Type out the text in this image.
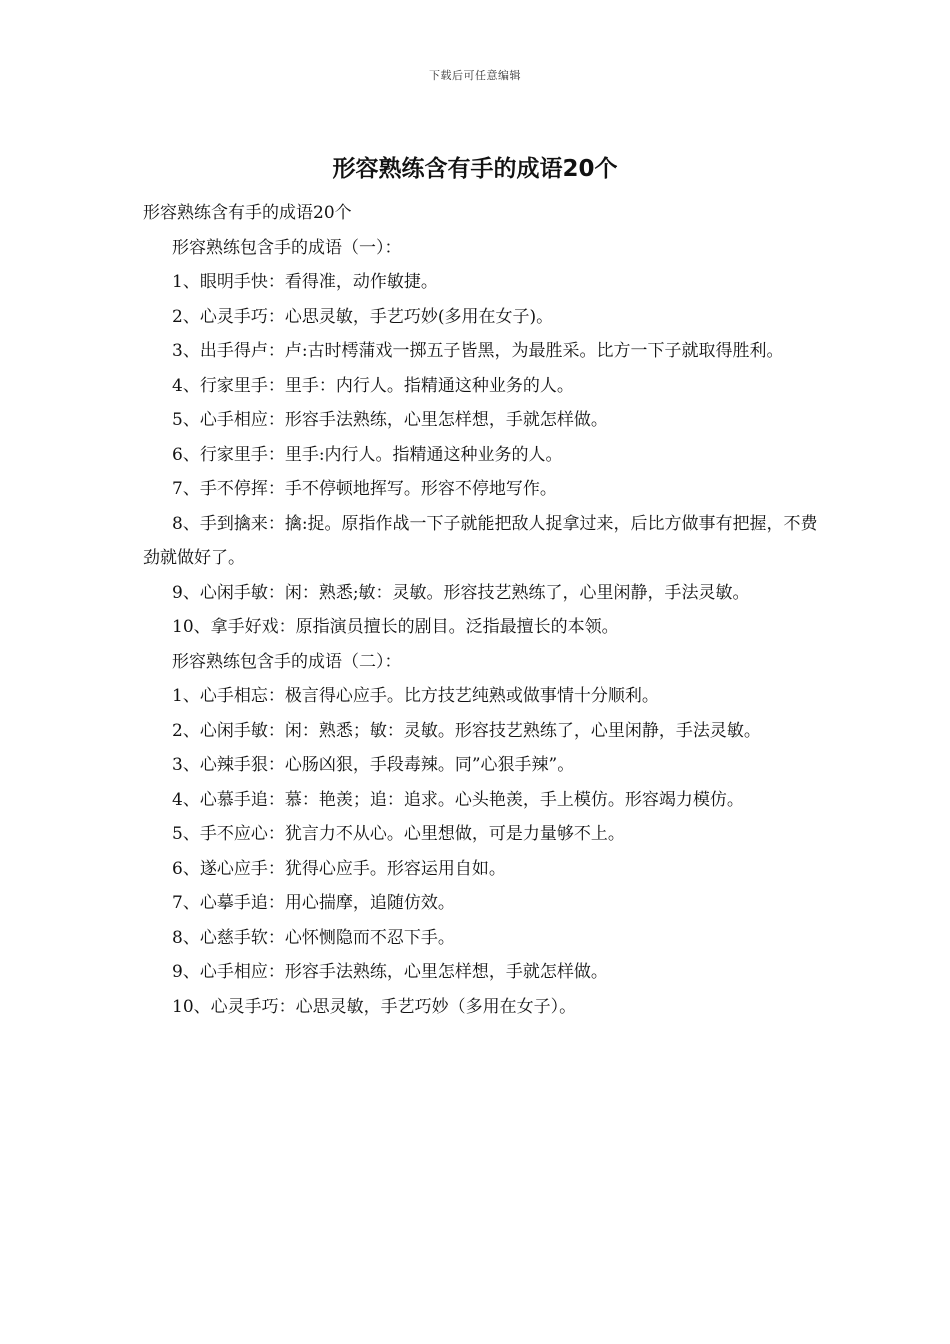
下载后可任意编辑
形容熟练含有手的成语20个

形容熟练含有手的成语20个

形容熟练包含手的成语（一）：

1、眼明手快：看得准，动作敏捷。

2、心灵手巧：心思灵敏，手艺巧妙(多用在女子)。

3、出手得卢：卢:古时樗蒲戏一掷五子皆黑，为最胜采。比方一下子就取得胜利。

4、行家里手：里手：内行人。指精通这种业务的人。

5、心手相应：形容手法熟练，心里怎样想，手就怎样做。

6、行家里手：里手:内行人。指精通这种业务的人。

7、手不停挥：手不停顿地挥写。形容不停地写作。

8、手到擒来：擒:捉。原指作战一下子就能把敌人捉拿过来，后比方做事有把握，不费劲就做好了。

9、心闲手敏：闲：熟悉;敏：灵敏。形容技艺熟练了，心里闲静，手法灵敏。

10、拿手好戏：原指演员擅长的剧目。泛指最擅长的本领。

形容熟练包含手的成语（二）：

1、心手相忘：极言得心应手。比方技艺纯熟或做事情十分顺利。

2、心闲手敏：闲：熟悉；敏：灵敏。形容技艺熟练了，心里闲静，手法灵敏。

3、心辣手狠：心肠凶狠，手段毒辣。同”心狠手辣”。

4、心慕手追：慕：艳羡；追：追求。心头艳羡，手上模仿。形容竭力模仿。

5、手不应心：犹言力不从心。心里想做，可是力量够不上。

6、遂心应手：犹得心应手。形容运用自如。

7、心摹手追：用心揣摩，追随仿效。

8、心慈手软：心怀恻隐而不忍下手。

9、心手相应：形容手法熟练，心里怎样想，手就怎样做。

10、心灵手巧：心思灵敏，手艺巧妙（多用在女子）。
